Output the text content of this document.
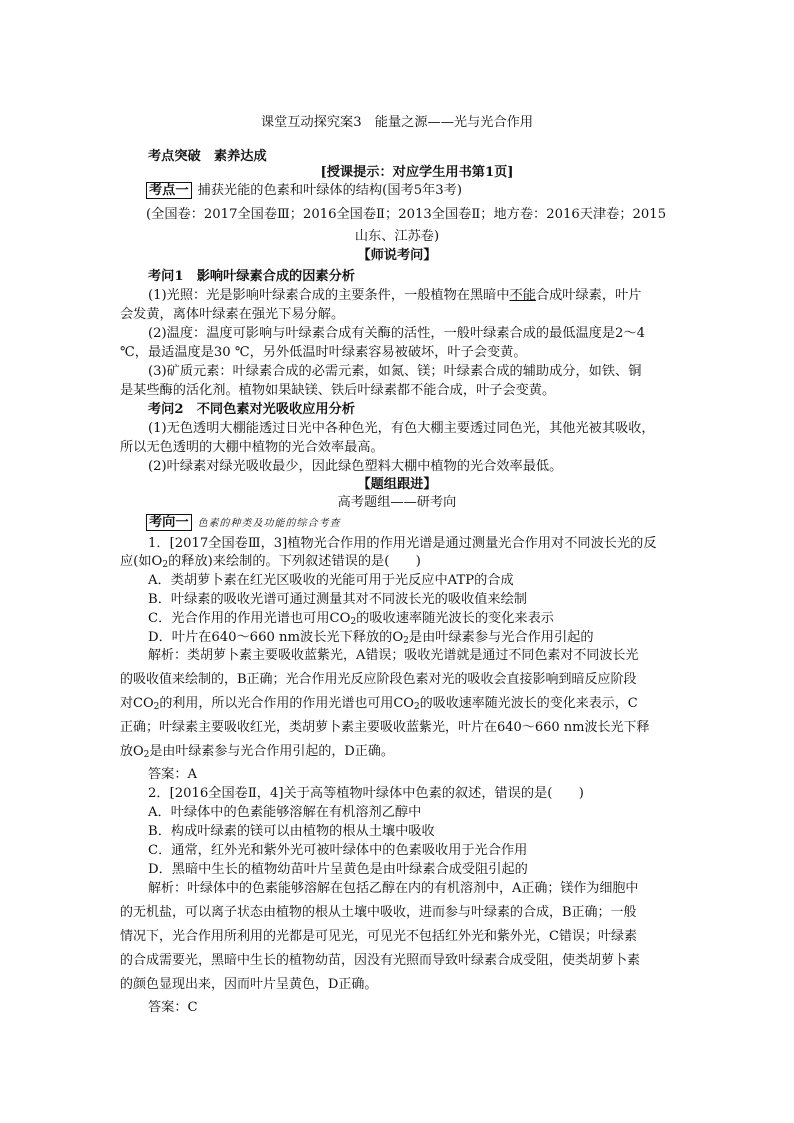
课堂互动探究案3　能量之源——光与光合作用
考点突破　素养达成
[授课提示：对应学生用书第1页]
考点一 捕获光能的色素和叶绿体的结构(国考5年3考)
(全国卷：2017全国卷Ⅲ；2016全国卷Ⅱ；2013全国卷Ⅱ；地方卷：2016天津卷；2015
山东、江苏卷)
【师说考问】
考问1　影响叶绿素合成的因素分析
(1)光照：光是影响叶绿素合成的主要条件，一般植物在黑暗中不能合成叶绿素，叶片
会发黄，离体叶绿素在强光下易分解。
(2)温度：温度可影响与叶绿素合成有关酶的活性，一般叶绿素合成的最低温度是2～4
℃，最适温度是30 ℃，另外低温时叶绿素容易被破坏，叶子会变黄。
(3)矿质元素：叶绿素合成的必需元素，如氮、镁；叶绿素合成的辅助成分，如铁、铜
是某些酶的活化剂。植物如果缺镁、铁后叶绿素都不能合成，叶子会变黄。
考问2　不同色素对光吸收应用分析
(1)无色透明大棚能透过日光中各种色光，有色大棚主要透过同色光，其他光被其吸收，
所以无色透明的大棚中植物的光合效率最高。
(2)叶绿素对绿光吸收最少，因此绿色塑料大棚中植物的光合效率最低。
【题组跟进】
高考题组——研考向
考向一 色素的种类及功能的综合考查
1．[2017全国卷Ⅲ，3]植物光合作用的作用光谱是通过测量光合作用对不同波长光的反
应(如$O_2$的释放)来绘制的。下列叙述错误的是(　　)
A．类胡萝卜素在红光区吸收的光能可用于光反应中ATP的合成
B．叶绿素的吸收光谱可通过测量其对不同波长光的吸收值来绘制
C．光合作用的作用光谱也可用$CO_2$的吸收速率随光波长的变化来表示
D．叶片在640～660 nm波长光下释放的$O_2$是由叶绿素参与光合作用引起的
解析：类胡萝卜素主要吸收蓝紫光，A错误；吸收光谱就是通过不同色素对不同波长光
的吸收值来绘制的，B正确；光合作用光反应阶段色素对光的吸收会直接影响到暗反应阶段
对$CO_2$的利用，所以光合作用的作用光谱也可用$CO_2$的吸收速率随光波长的变化来表示，C
正确；叶绿素主要吸收红光，类胡萝卜素主要吸收蓝紫光，叶片在640～660 nm波长光下释
放$O_2$是由叶绿素参与光合作用引起的，D正确。
答案：A
2．[2016全国卷Ⅱ，4]关于高等植物叶绿体中色素的叙述，错误的是(　　)
A．叶绿体中的色素能够溶解在有机溶剂乙醇中
B．构成叶绿素的镁可以由植物的根从土壤中吸收
C．通常，红外光和紫外光可被叶绿体中的色素吸收用于光合作用
D．黑暗中生长的植物幼苗叶片呈黄色是由叶绿素合成受阻引起的
解析：叶绿体中的色素能够溶解在包括乙醇在内的有机溶剂中，A正确；镁作为细胞中
的无机盐，可以离子状态由植物的根从土壤中吸收，进而参与叶绿素的合成，B正确；一般
情况下，光合作用所利用的光都是可见光，可见光不包括红外光和紫外光，C错误；叶绿素
的合成需要光，黑暗中生长的植物幼苗，因没有光照而导致叶绿素合成受阻，使类胡萝卜素
的颜色显现出来，因而叶片呈黄色，D正确。
答案：C
